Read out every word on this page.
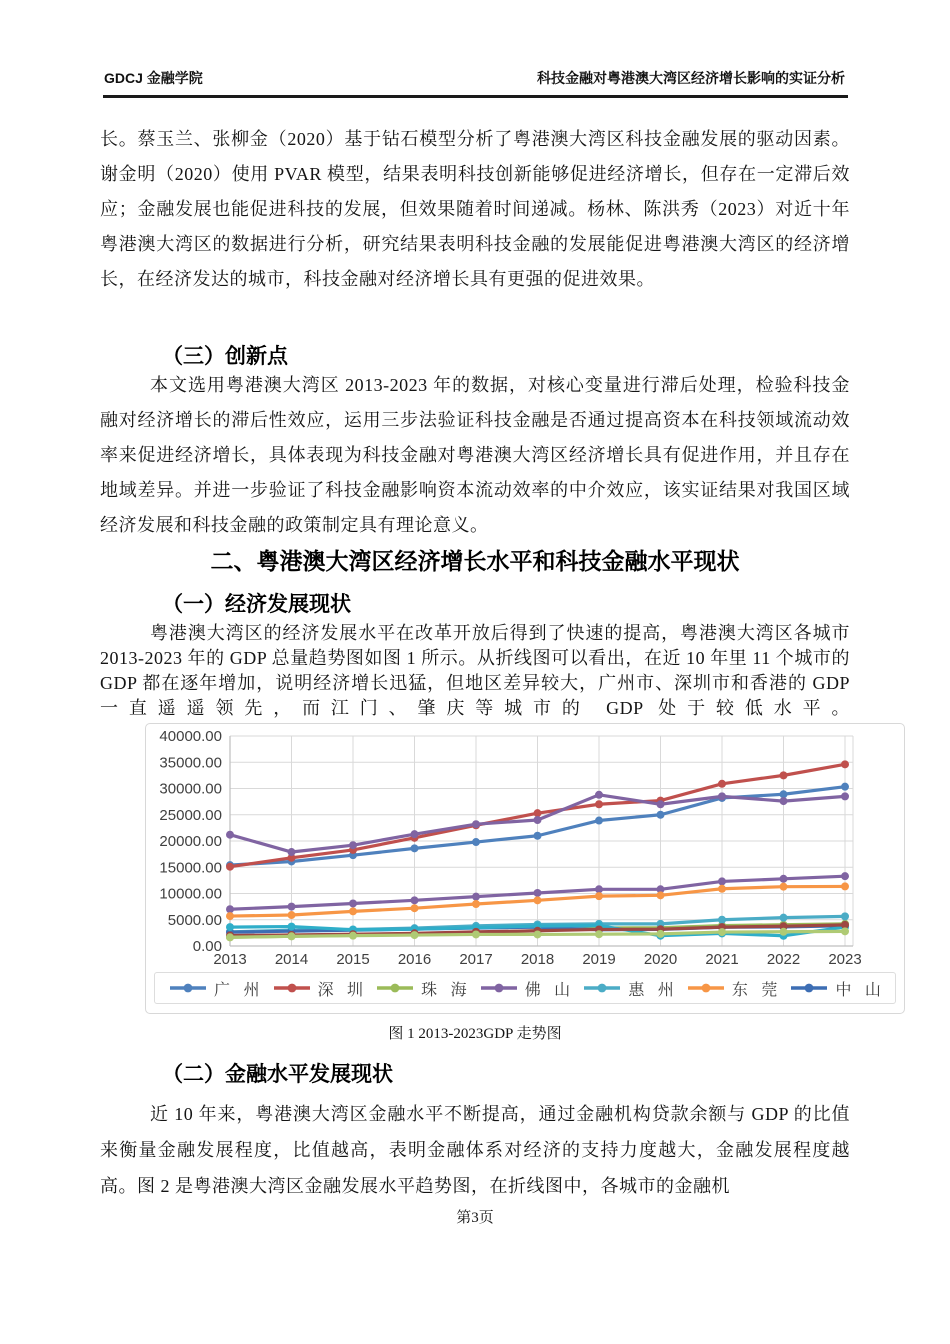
GDCJ 金融学院	科技金融对粤港澳大湾区经济增长影响的实证分析

长。蔡玉兰、张柳金（2020）基于钻石模型分析了粤港澳大湾区科技金融发展的驱动因素。谢金明（2020）使用 PVAR 模型，结果表明科技创新能够促进经济增长，但存在一定滞后效应；金融发展也能促进科技的发展，但效果随着时间递减。杨林、陈洪秀（2023）对近十年粤港澳大湾区的数据进行分析，研究结果表明科技金融的发展能促进粤港澳大湾区的经济增长，在经济发达的城市，科技金融对经济增长具有更强的促进效果。

（三）创新点

本文选用粤港澳大湾区 2013-2023 年的数据，对核心变量进行滞后处理，检验科技金融对经济增长的滞后性效应，运用三步法验证科技金融是否通过提高资本在科技领域流动效率来促进经济增长，具体表现为科技金融对粤港澳大湾区经济增长具有促进作用，并且存在地域差异。并进一步验证了科技金融影响资本流动效率的中介效应，该实证结果对我国区域经济发展和科技金融的政策制定具有理论意义。

二、粤港澳大湾区经济增长水平和科技金融水平现状
（一）经济发展现状

粤港澳大湾区的经济发展水平在改革开放后得到了快速的提高，粤港澳大湾区各城市 2013-2023 年的 GDP 总量趋势图如图 1 所示。从折线图可以看出，在近 10 年里 11 个城市的 GDP 都在逐年增加，说明经济增长迅猛，但地区差异较大，广州市、深圳市和香港的 GDP 一直遥遥领先，而江门、肇庆等城市的 GDP 处于较低水平。

0.00
5000.00
10000.00
15000.00
20000.00
25000.00
30000.00
35000.00
40000.00
2013 2014 2015 2016 2017 2018 2019 2020 2021 2022 2023
广 州	深 圳	珠 海	佛 山	惠 州	东 莞	中 山
图 1 2013-2023GDP 走势图
（二）金融水平发展现状

近 10 年来，粤港澳大湾区金融水平不断提高，通过金融机构贷款余额与 GDP 的比值来衡量金融发展程度，比值越高，表明金融体系对经济的支持力度越大，金融发展程度越高。图 2 是粤港澳大湾区金融发展水平趋势图，在折线图中，各城市的金融机

第3页
